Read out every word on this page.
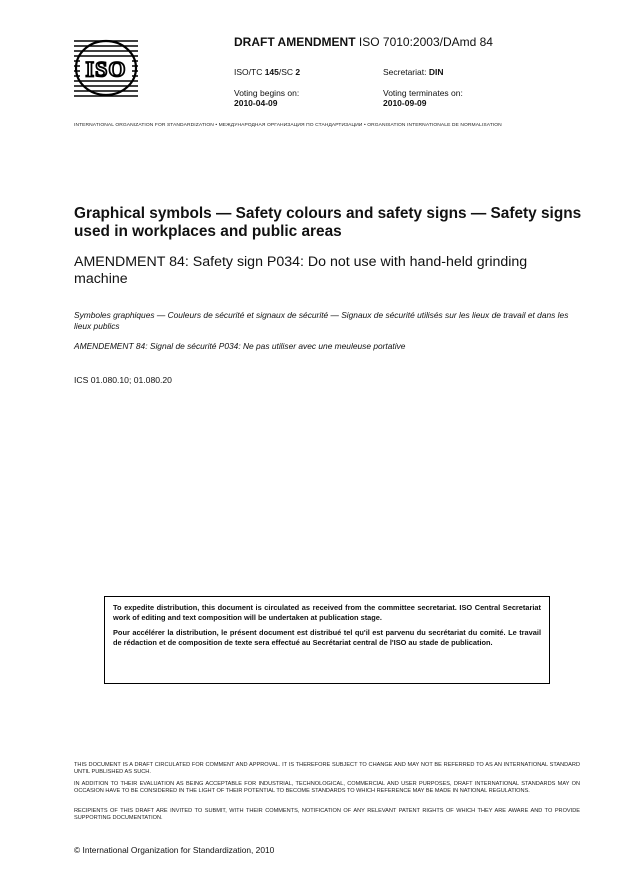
ISO
DRAFT AMENDMENT ISO 7010:2003/DAmd 84
ISO/TC 145/SC 2	Secretariat: DIN
Voting begins on:
2010-04-09
Voting terminates on:
2010-09-09
INTERNATIONAL ORGANIZATION FOR STANDARDIZATION • МЕЖДУНАРОДНАЯ ОРГАНИЗАЦИЯ ПО СТАНДАРТИЗАЦИИ • ORGANISATION INTERNATIONALE DE NORMALISATION
Graphical symbols — Safety colours and safety signs — Safety signs used in workplaces and public areas
AMENDMENT 84: Safety sign P034: Do not use with hand-held grinding machine
Symboles graphiques — Couleurs de sécurité et signaux de sécurité — Signaux de sécurité utilisés sur les lieux de travail et dans les lieux publics
AMENDEMENT 84: Signal de sécurité P034: Ne pas utiliser avec une meuleuse portative
ICS 01.080.10; 01.080.20

To expedite distribution, this document is circulated as received from the committee secretariat. ISO Central Secretariat work of editing and text composition will be undertaken at publication stage.

Pour accélérer la distribution, le présent document est distribué tel qu'il est parvenu du secrétariat du comité. Le travail de rédaction et de composition de texte sera effectué au Secrétariat central de l'ISO au stade de publication.

THIS DOCUMENT IS A DRAFT CIRCULATED FOR COMMENT AND APPROVAL. IT IS THEREFORE SUBJECT TO CHANGE AND MAY NOT BE REFERRED TO AS AN INTERNATIONAL STANDARD UNTIL PUBLISHED AS SUCH.
IN ADDITION TO THEIR EVALUATION AS BEING ACCEPTABLE FOR INDUSTRIAL, TECHNOLOGICAL, COMMERCIAL AND USER PURPOSES, DRAFT INTERNATIONAL STANDARDS MAY ON OCCASION HAVE TO BE CONSIDERED IN THE LIGHT OF THEIR POTENTIAL TO BECOME STANDARDS TO WHICH REFERENCE MAY BE MADE IN NATIONAL REGULATIONS.
RECIPIENTS OF THIS DRAFT ARE INVITED TO SUBMIT, WITH THEIR COMMENTS, NOTIFICATION OF ANY RELEVANT PATENT RIGHTS OF WHICH THEY ARE AWARE AND TO PROVIDE SUPPORTING DOCUMENTATION.
© International Organization for Standardization, 2010
